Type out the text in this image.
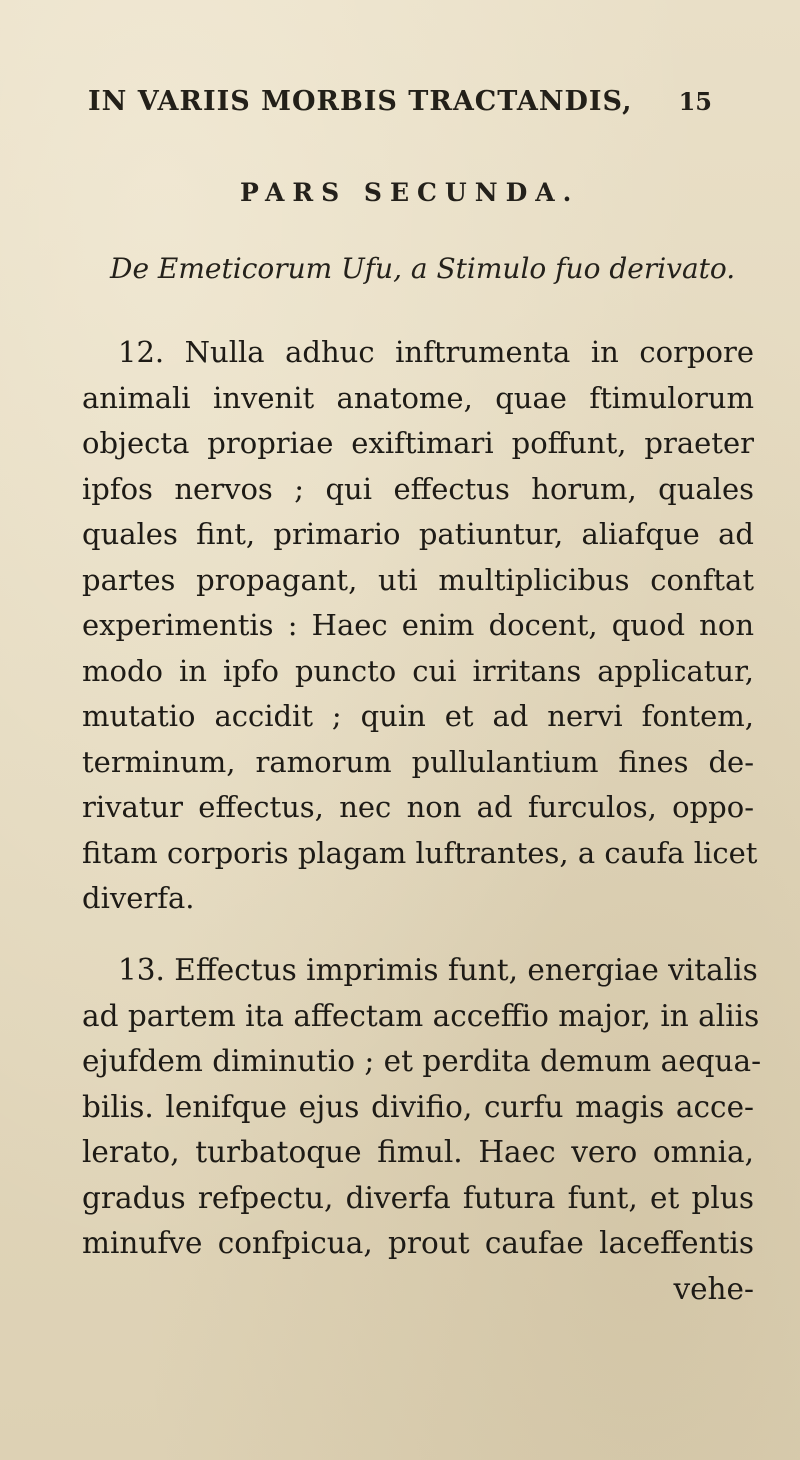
IN VARIIS MORBIS TRACTANDIS, 15
PARS SECUNDA.
De Emeticorum Ufu, a Stimulo fuo derivato.
12. Nulla adhuc inftrumenta in corpore
animali invenit anatome, quae ftimulorum
objecta propriae exiftimari poffunt, praeter
ipfos nervos ; qui effectus horum, quales
quales fint, primario patiuntur, aliafque ad
partes propagant, uti multiplicibus conftat
experimentis : Haec enim docent, quod non
modo in ipfo puncto cui irritans applicatur,
mutatio accidit ; quin et ad nervi fontem,
terminum, ramorum pullulantium fines de-
rivatur effectus, nec non ad furculos, oppo-
fitam corporis plagam luftrantes, a caufa licet
diverfa.
13. Effectus imprimis funt, energiae vitalis
ad partem ita affectam acceffio major, in aliis
ejufdem diminutio ; et perdita demum aequa-
bilis. lenifque ejus divifio, curfu magis acce-
lerato, turbatoque fimul. Haec vero omnia,
gradus refpectu, diverfa futura funt, et plus
minufve confpicua, prout caufae laceffentis
vehe-
